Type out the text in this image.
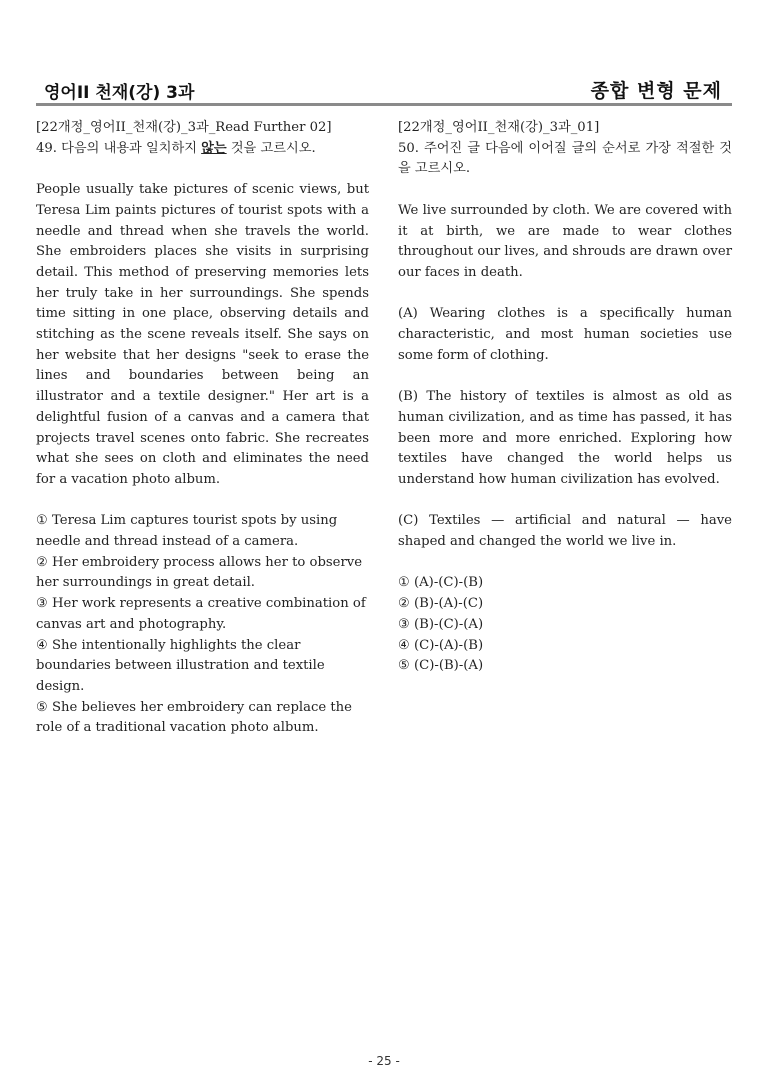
영어II 천재(강) 3과	종합 변형 문제

[22개정_영어II_천재(강)_3과_Read Further 02]

49. 다음의 내용과 일치하지 않는 것을 고르시오.

People usually take pictures of scenic views, but Teresa Lim paints pictures of tourist spots with a needle and thread when she travels the world. She embroiders places she visits in surprising detail. This method of preserving memories lets her truly take in her surroundings. She spends time sitting in one place, observing details and stitching as the scene reveals itself. She says on her website that her designs "seek to erase the lines and boundaries between being an illustrator and a textile designer." Her art is a delightful fusion of a canvas and a camera that projects travel scenes onto fabric. She recreates what she sees on cloth and eliminates the need for a vacation photo album.

① Teresa Lim captures tourist spots by using needle and thread instead of a camera.

② Her embroidery process allows her to observe her surroundings in great detail.

③ Her work represents a creative combination of canvas art and photography.

④ She intentionally highlights the clear boundaries between illustration and textile design.

⑤ She believes her embroidery can replace the role of a traditional vacation photo album.

[22개정_영어II_천재(강)_3과_01]

50. 주어진 글 다음에 이어질 글의 순서로 가장 적절한 것을 고르시오.

We live surrounded by cloth. We are covered with it at birth, we are made to wear clothes throughout our lives, and shrouds are drawn over our faces in death.

(A) Wearing clothes is a specifically human characteristic, and most human societies use some form of clothing.

(B) The history of textiles is almost as old as human civilization, and as time has passed, it has been more and more enriched. Exploring how textiles have changed the world helps us understand how human civilization has evolved.

(C) Textiles — artificial and natural — have shaped and changed the world we live in.

① (A)-(C)-(B)

② (B)-(A)-(C)

③ (B)-(C)-(A)

④ (C)-(A)-(B)

⑤ (C)-(B)-(A)

- 25 -
